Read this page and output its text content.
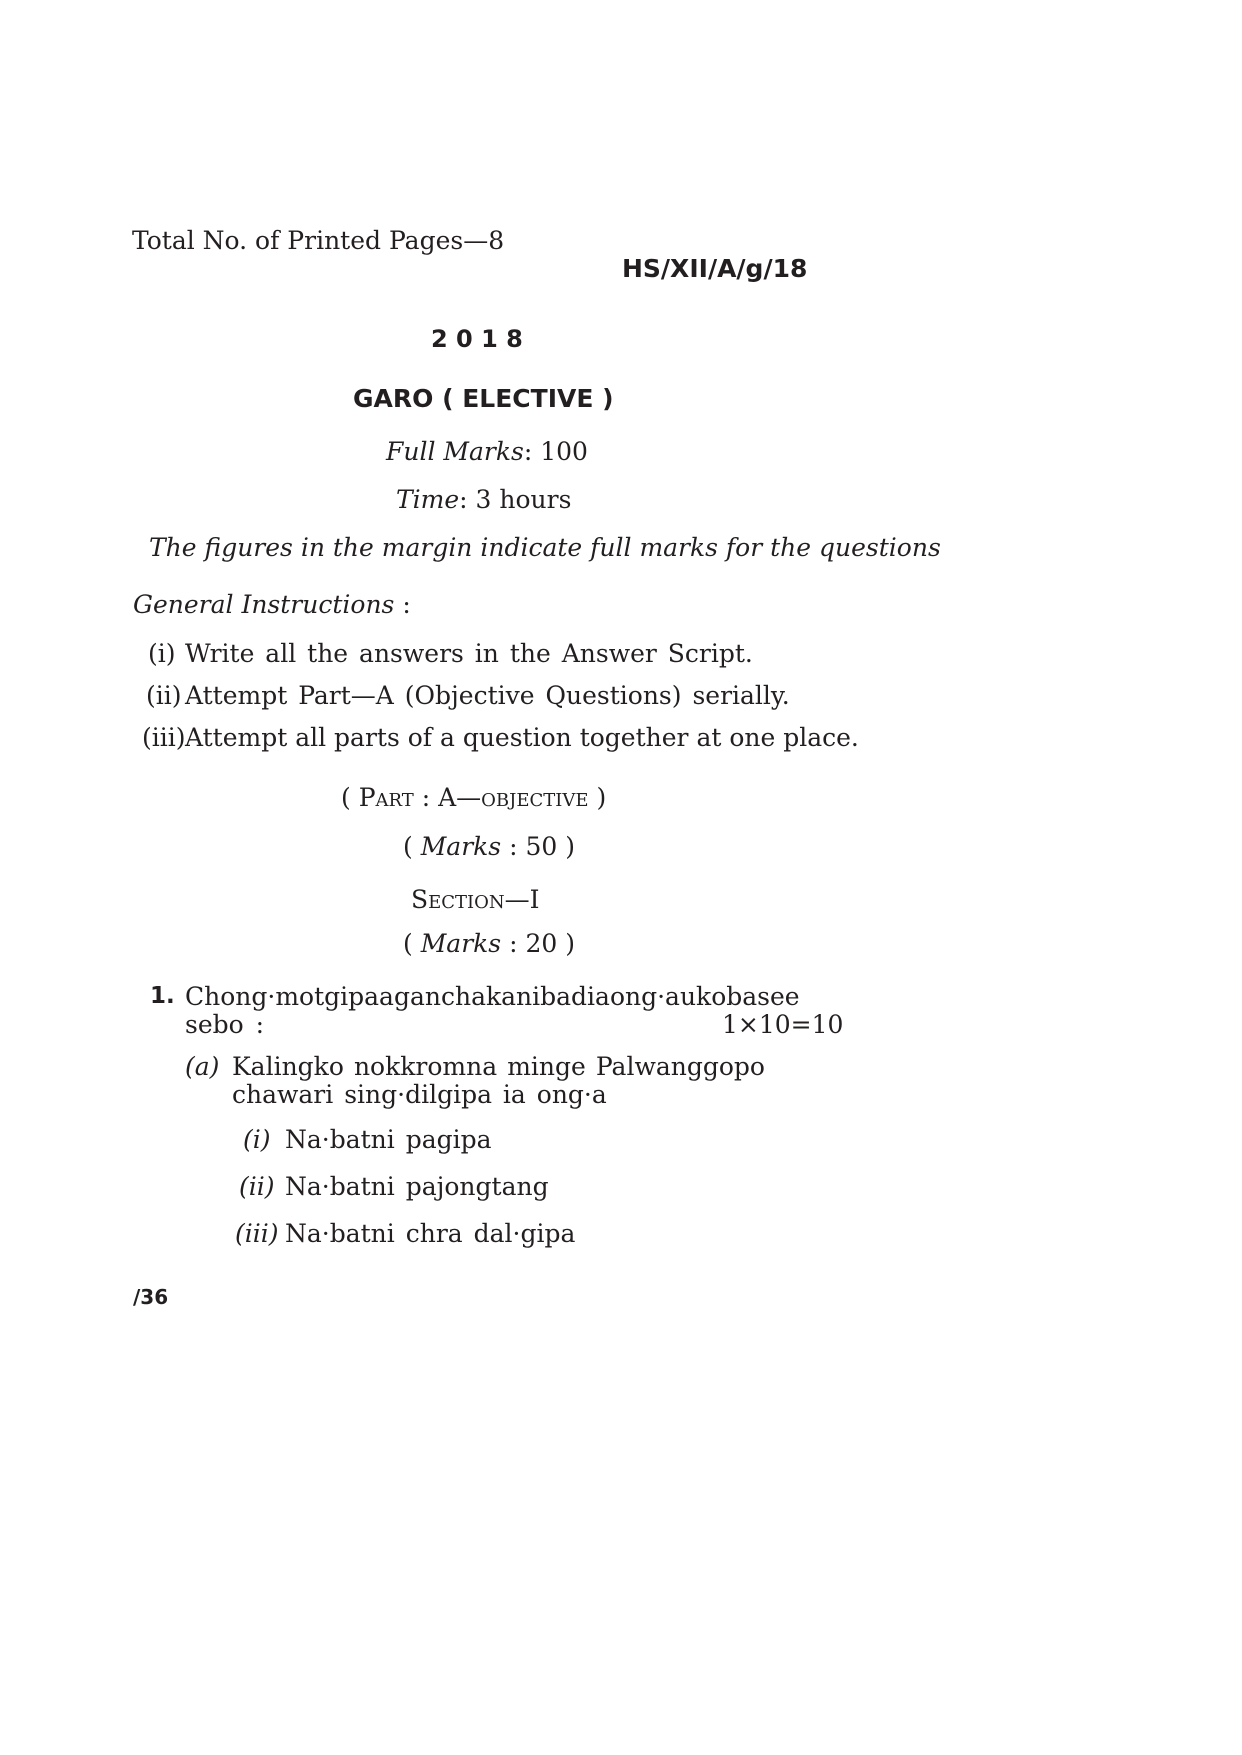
Total No. of Printed Pages—8
HS/XII/A/g/18
2 0 1 8
GARO ( ELECTIVE )
Full Marks: 100
Time: 3 hours
The figures in the margin indicate full marks for the questions
General Instructions :
(i) Write all the answers in the Answer Script.
(ii) Attempt Part—A (Objective Questions) serially.
(iii) Attempt all parts of a question together at one place.
( Part : A—objective )
( Marks : 50 )
Section—I
( Marks : 20 )
1. Chong·motgipa aganchakani badia ong·a uko basee
sebo :	1×10=10
(a) Kalingko nokkromna minge Palwanggopo
chawari sing·dilgipa ia ong·a
(i) Na·batni pagipa
(ii) Na·batni pajongtang
(iii) Na·batni chra dal·gipa
/36
